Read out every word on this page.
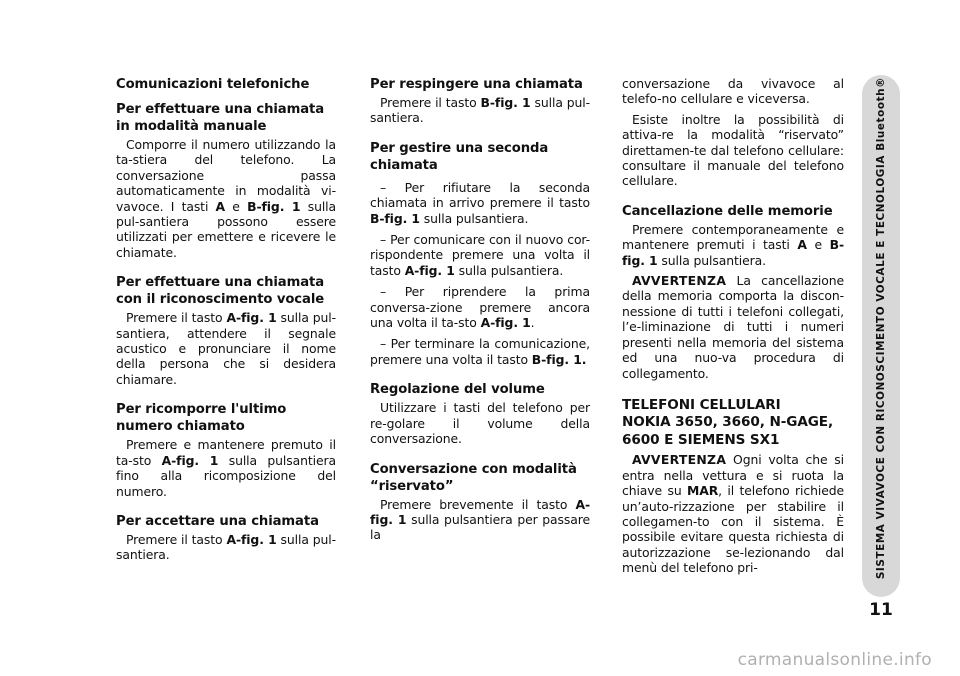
Comunicazioni telefoniche
Per effettuare una chiamata
in modalità manuale

Comporre il numero utilizzando la ta-stiera del telefono. La conversazione passa automaticamente in modalità vi-vavoce. I tasti A e B-fig. 1 sulla pul-santiera possono essere utilizzati per emettere e ricevere le chiamate.

Per effettuare una chiamata
con il riconoscimento vocale

Premere il tasto A-fig. 1 sulla pul-santiera, attendere il segnale acustico e pronunciare il nome della persona che si desidera chiamare.

Per ricomporre l'ultimo
numero chiamato

Premere e mantenere premuto il ta-sto A-fig. 1 sulla pulsantiera fino alla ricomposizione del numero.

Per accettare una chiamata

Premere il tasto A-fig. 1 sulla pul-santiera.

Per respingere una chiamata

Premere il tasto B-fig. 1 sulla pul-santiera.

Per gestire una seconda
chiamata

– Per rifiutare la seconda chiamata in arrivo premere il tasto B-fig. 1 sulla pulsantiera.

– Per comunicare con il nuovo cor-rispondente premere una volta il tasto A-fig. 1 sulla pulsantiera.

– Per riprendere la prima conversa-zione premere ancora una volta il ta-sto A-fig. 1.

– Per terminare la comunicazione, premere una volta il tasto B-fig. 1.

Regolazione del volume

Utilizzare i tasti del telefono per re-golare il volume della conversazione.

Conversazione con modalità
“riservato”

Premere brevemente il tasto A-fig. 1 sulla pulsantiera per passare la

conversazione da vivavoce al telefo-no cellulare e viceversa.

Esiste inoltre la possibilità di attiva-re la modalità “riservato” direttamen-te dal telefono cellulare: consultare il manuale del telefono cellulare.

Cancellazione delle memorie

Premere contemporaneamente e mantenere premuti i tasti A e B-fig. 1 sulla pulsantiera.

AVVERTENZA La cancellazione della memoria comporta la discon-nessione di tutti i telefoni collegati, l’e-liminazione di tutti i numeri presenti nella memoria del sistema ed una nuo-va procedura di collegamento.

TELEFONI CELLULARI
NOKIA 3650, 3660, N-GAGE,
6600 E SIEMENS SX1

AVVERTENZA Ogni volta che si entra nella vettura e si ruota la chiave su MAR, il telefono richiede un’auto-rizzazione per stabilire il collegamen-to con il sistema. È possibile evitare questa richiesta di autorizzazione se-lezionando dal menù del telefono pri-	SISTEMA VIVAVOCE CON RICONOSCIMENTO VOCALE E TECNOLOGIA Bluetooth®
11
carmanualsonline.info
